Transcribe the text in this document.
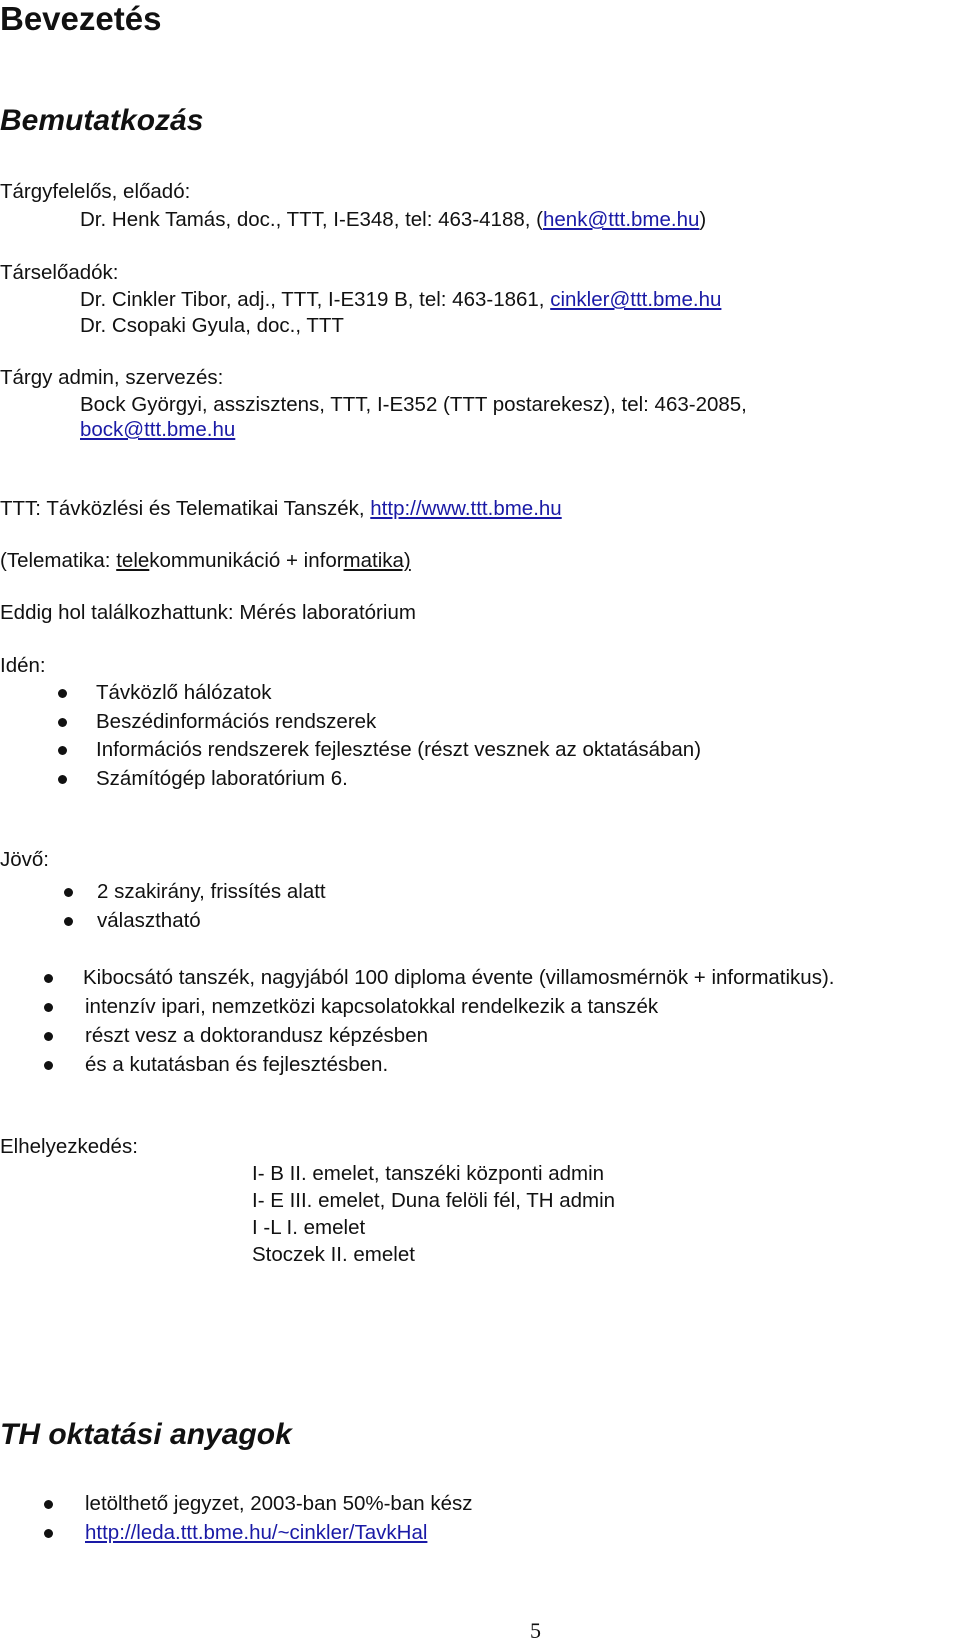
Bevezetés
Bemutatkozás
Tárgyfelelős, előadó:
Dr. Henk Tamás, doc., TTT, I-E348, tel: 463-4188, (henk@ttt.bme.hu)
Társelőadók:
Dr. Cinkler Tibor, adj., TTT, I-E319 B, tel: 463-1861, cinkler@ttt.bme.hu
Dr. Csopaki Gyula, doc., TTT
Tárgy admin, szervezés:
Bock Györgyi, asszisztens, TTT, I-E352 (TTT postarekesz), tel: 463-2085,
bock@ttt.bme.hu
TTT: Távközlési és Telematikai Tanszék, http://www.ttt.bme.hu
(Telematika: telekommunikáció + informatika)
Eddig hol találkozhattunk: Mérés laboratórium
Idén:
Távközlő hálózatok
Beszédinformációs rendszerek
Információs rendszerek fejlesztése (részt vesznek az oktatásában)
Számítógép laboratórium 6.
Jövő:
2 szakirány, frissítés alatt
választható
Kibocsátó tanszék, nagyjából 100 diploma évente (villamosmérnök + informatikus).
intenzív ipari, nemzetközi kapcsolatokkal rendelkezik a tanszék
részt vesz a doktorandusz képzésben
és a kutatásban és fejlesztésben.
Elhelyezkedés:
I- B II. emelet, tanszéki központi admin
I- E III. emelet, Duna felöli fél, TH admin
I -L I. emelet
Stoczek II. emelet
TH oktatási anyagok
letölthető jegyzet, 2003-ban 50%-ban kész
http://leda.ttt.bme.hu/~cinkler/TavkHal
5
